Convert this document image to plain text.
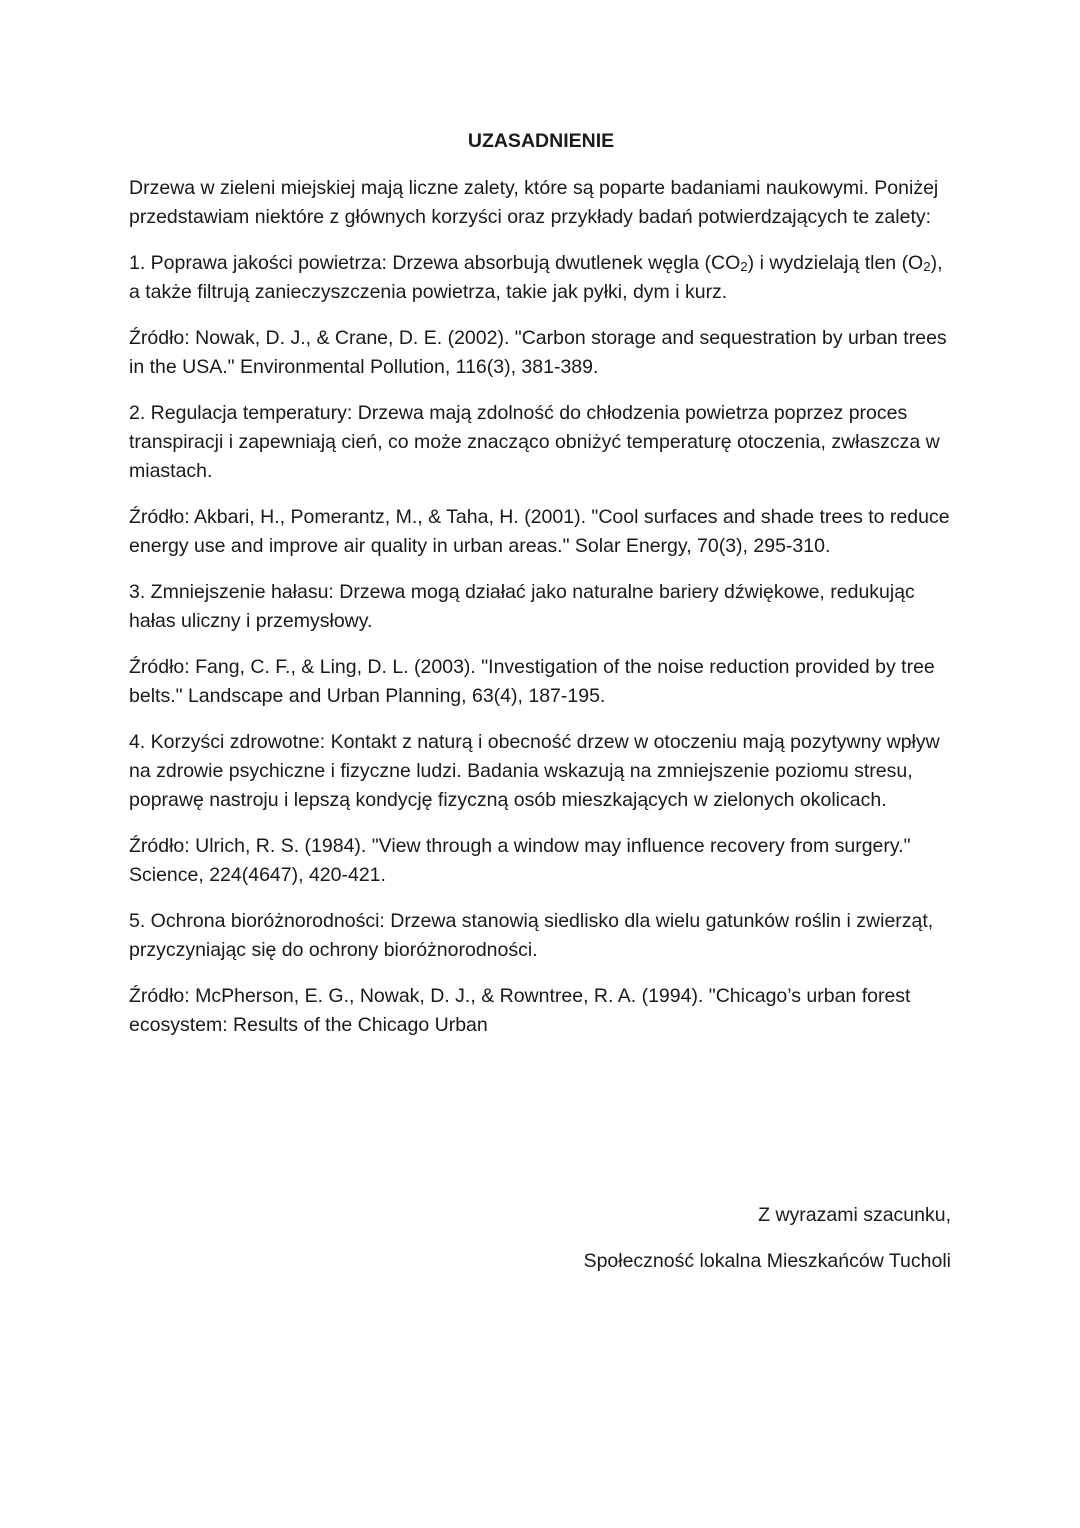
UZASADNIENIE

Drzewa w zieleni miejskiej mają liczne zalety, które są poparte badaniami naukowymi. Poniżej przedstawiam niektóre z głównych korzyści oraz przykłady badań potwierdzających te zalety:

1. Poprawa jakości powietrza: Drzewa absorbują dwutlenek węgla (CO2) i wydzielają tlen (O2), a także filtrują zanieczyszczenia powietrza, takie jak pyłki, dym i kurz.

Źródło: Nowak, D. J., & Crane, D. E. (2002). "Carbon storage and sequestration by urban trees in the USA." Environmental Pollution, 116(3), 381-389.

2. Regulacja temperatury: Drzewa mają zdolność do chłodzenia powietrza poprzez proces transpiracji i zapewniają cień, co może znacząco obniżyć temperaturę otoczenia, zwłaszcza w miastach.

Źródło: Akbari, H., Pomerantz, M., & Taha, H. (2001). "Cool surfaces and shade trees to reduce energy use and improve air quality in urban areas." Solar Energy, 70(3), 295-310.

3. Zmniejszenie hałasu: Drzewa mogą działać jako naturalne bariery dźwiękowe, redukując hałas uliczny i przemysłowy.

Źródło: Fang, C. F., & Ling, D. L. (2003). "Investigation of the noise reduction provided by tree belts." Landscape and Urban Planning, 63(4), 187-195.

4. Korzyści zdrowotne: Kontakt z naturą i obecność drzew w otoczeniu mają pozytywny wpływ na zdrowie psychiczne i fizyczne ludzi. Badania wskazują na zmniejszenie poziomu stresu, poprawę nastroju i lepszą kondycję fizyczną osób mieszkających w zielonych okolicach.

Źródło: Ulrich, R. S. (1984). "View through a window may influence recovery from surgery." Science, 224(4647), 420-421.

5. Ochrona bioróżnorodności: Drzewa stanowią siedlisko dla wielu gatunków roślin i zwierząt, przyczyniając się do ochrony bioróżnorodności.

Źródło: McPherson, E. G., Nowak, D. J., & Rowntree, R. A. (1994). "Chicago’s urban forest ecosystem: Results of the Chicago Urban

Z wyrazami szacunku,

Społeczność lokalna Mieszkańców Tucholi
